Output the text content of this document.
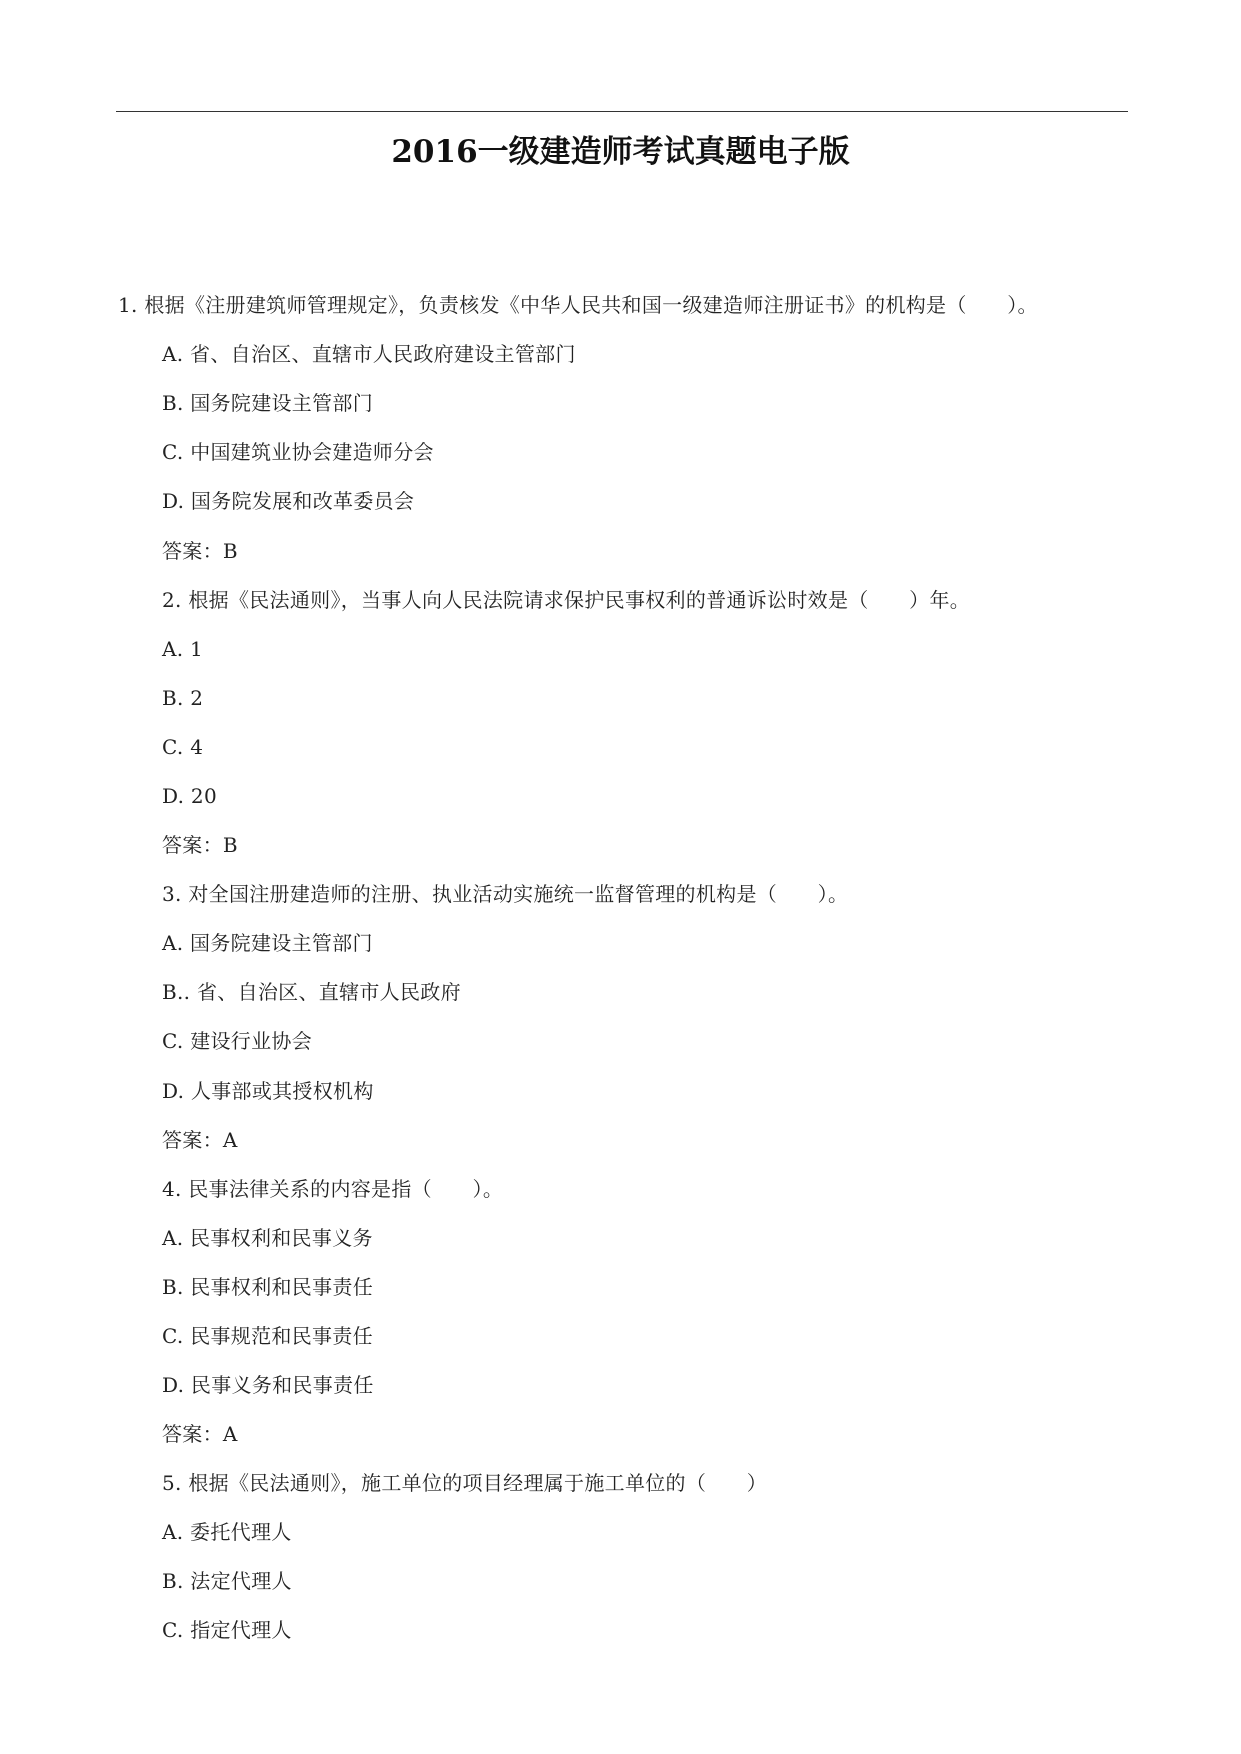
2016一级建造师考试真题电子版
1. 根据《注册建筑师管理规定》，负责核发《中华人民共和国一级建造师注册证书》的机构是（　　）。
A. 省、自治区、直辖市人民政府建设主管部门
B. 国务院建设主管部门
C. 中国建筑业协会建造师分会
D. 国务院发展和改革委员会
答案：B
2. 根据《民法通则》，当事人向人民法院请求保护民事权利的普通诉讼时效是（　　）年。
A. 1
B. 2
C. 4
D. 20
答案：B
3. 对全国注册建造师的注册、执业活动实施统一监督管理的机构是（　　）。
A. 国务院建设主管部门
B.. 省、自治区、直辖市人民政府
C. 建设行业协会
D. 人事部或其授权机构
答案：A
4. 民事法律关系的内容是指（　　）。
A. 民事权利和民事义务
B. 民事权利和民事责任
C. 民事规范和民事责任
D. 民事义务和民事责任
答案：A
5. 根据《民法通则》，施工单位的项目经理属于施工单位的（　　）
A. 委托代理人
B. 法定代理人
C. 指定代理人
